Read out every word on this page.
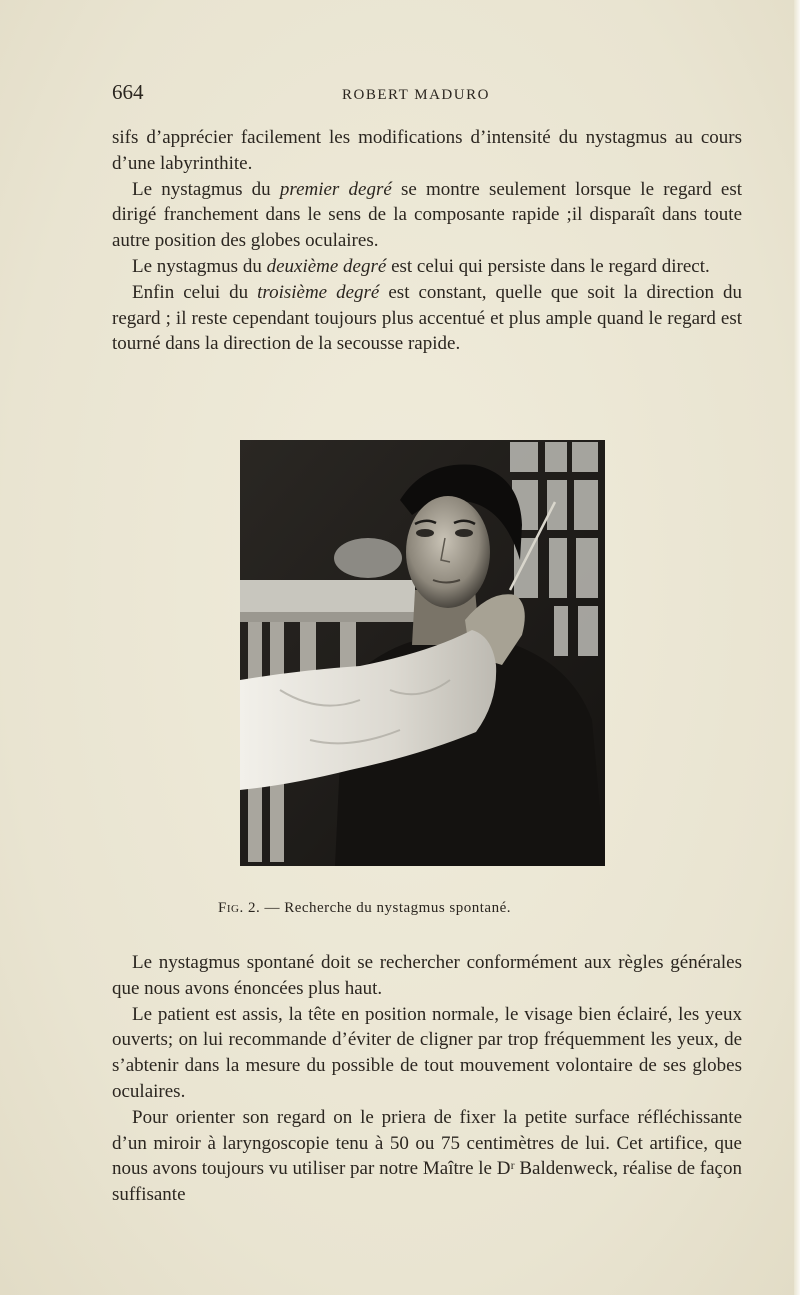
664	ROBERT MADURO

sifs d’apprécier facilement les modifications d’intensité du nystagmus au cours d’une labyrinthite.

Le nystagmus du premier degré se montre seulement lorsque le regard est dirigé franchement dans le sens de la composante rapide ;il disparaît dans toute autre position des globes oculaires.

Le nystagmus du deuxième degré est celui qui persiste dans le regard direct.

Enfin celui du troisième degré est constant, quelle que soit la direction du regard ; il reste cependant toujours plus accentué et plus ample quand le regard est tourné dans la direction de la secousse rapide.

Fig. 2. — Recherche du nystagmus spontané.

Le nystagmus spontané doit se rechercher conformément aux règles générales que nous avons énoncées plus haut.

Le patient est assis, la tête en position normale, le visage bien éclairé, les yeux ouverts; on lui recommande d’éviter de cligner par trop fréquemment les yeux, de s’abtenir dans la mesure du possible de tout mouvement volontaire de ses globes oculaires.

Pour orienter son regard on le priera de fixer la petite surface réfléchissante d’un miroir à laryngoscopie tenu à 50 ou 75 centimètres de lui. Cet artifice, que nous avons toujours vu utiliser par notre Maître le Dʳ Baldenweck, réalise de façon suffisante
